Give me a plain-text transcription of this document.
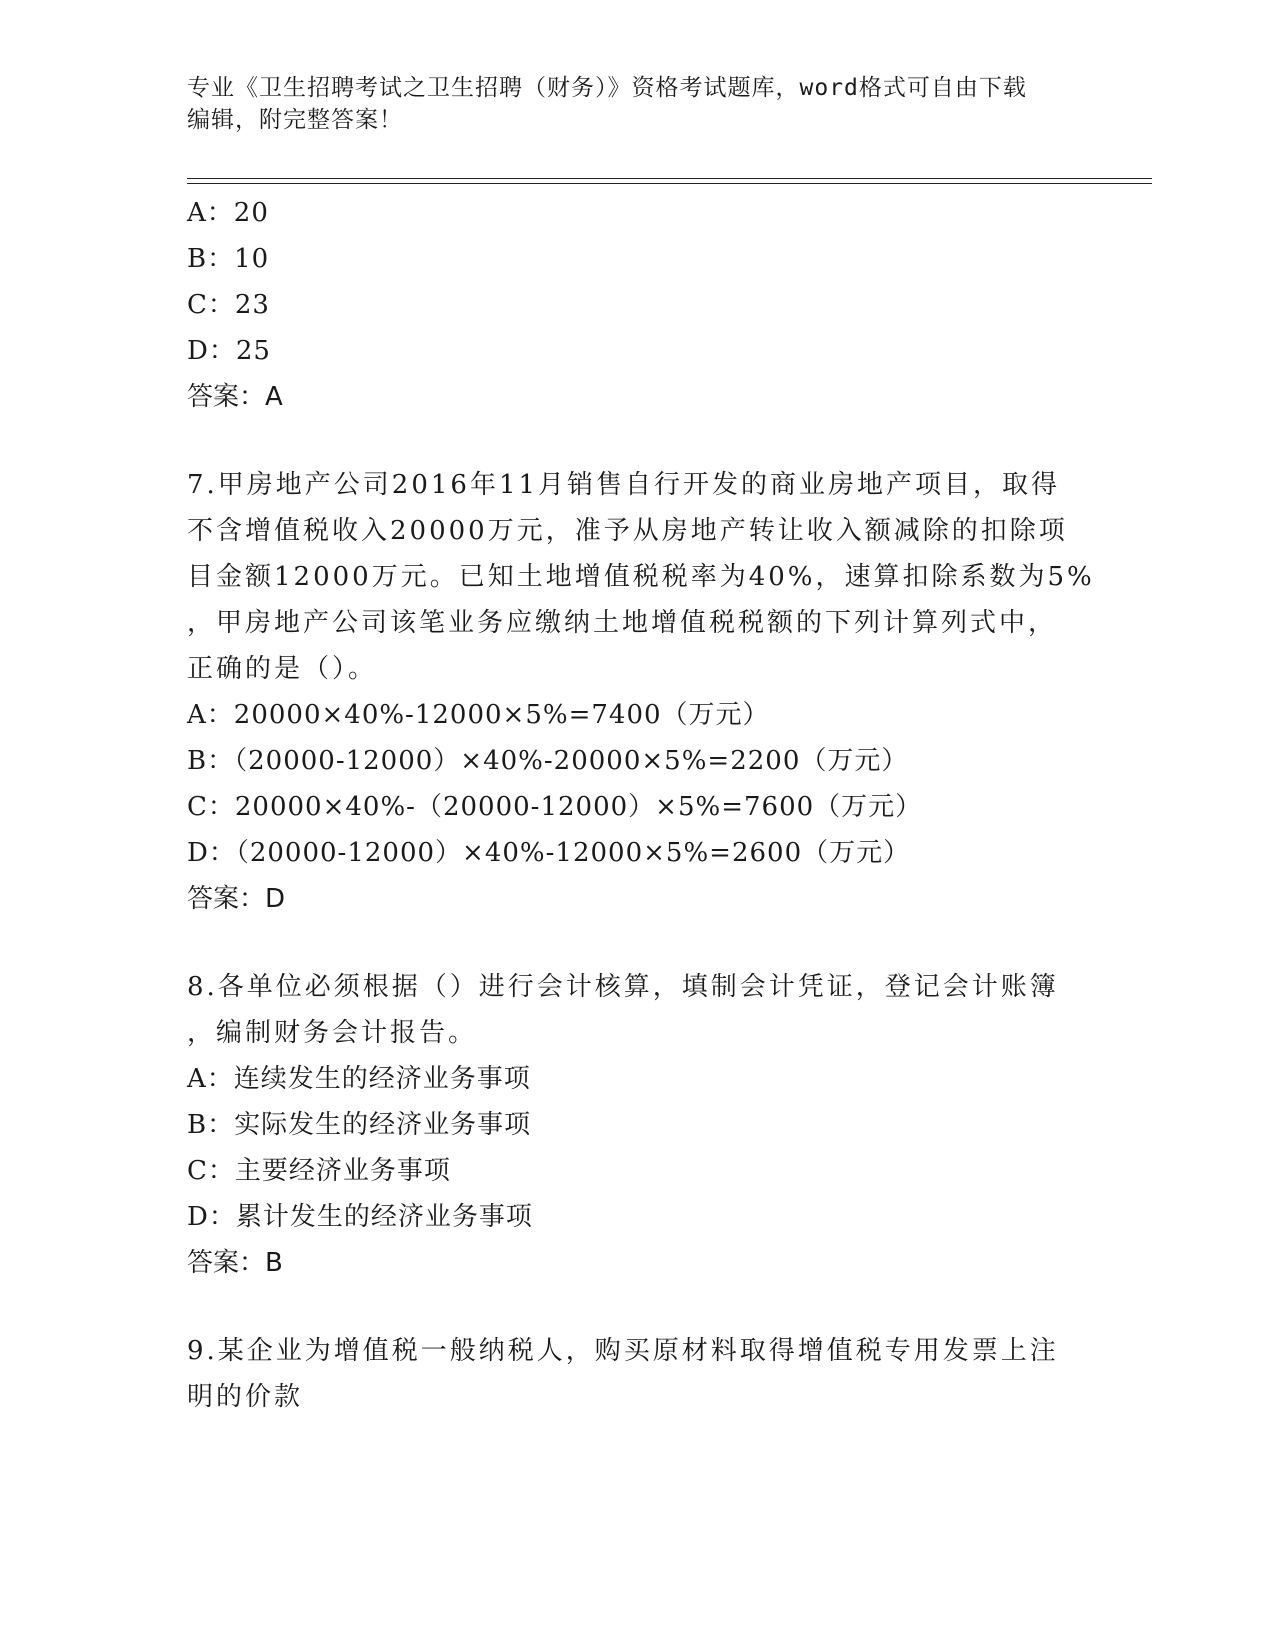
专业《卫生招聘考试之卫生招聘（财务）》资格考试题库，word格式可自由下载
编辑，附完整答案！
A：20
B：10
C：23
D：25
答案：A
7.甲房地产公司2016年11月销售自行开发的商业房地产项目，取得
不含增值税收入20000万元，准予从房地产转让收入额减除的扣除项
目金额12000万元。已知土地增值税税率为40%，速算扣除系数为5%
，甲房地产公司该笔业务应缴纳土地增值税税额的下列计算列式中，
正确的是（）。
A：20000×40%-12000×5%=7400（万元）
B：（20000-12000）×40%-20000×5%=2200（万元）
C：20000×40%-（20000-12000）×5%=7600（万元）
D：（20000-12000）×40%-12000×5%=2600（万元）
答案：D
8.各单位必须根据（）进行会计核算，填制会计凭证，登记会计账簿
，编制财务会计报告。
A：连续发生的经济业务事项
B：实际发生的经济业务事项
C：主要经济业务事项
D：累计发生的经济业务事项
答案：B
9.某企业为增值税一般纳税人，购买原材料取得增值税专用发票上注
明的价款
